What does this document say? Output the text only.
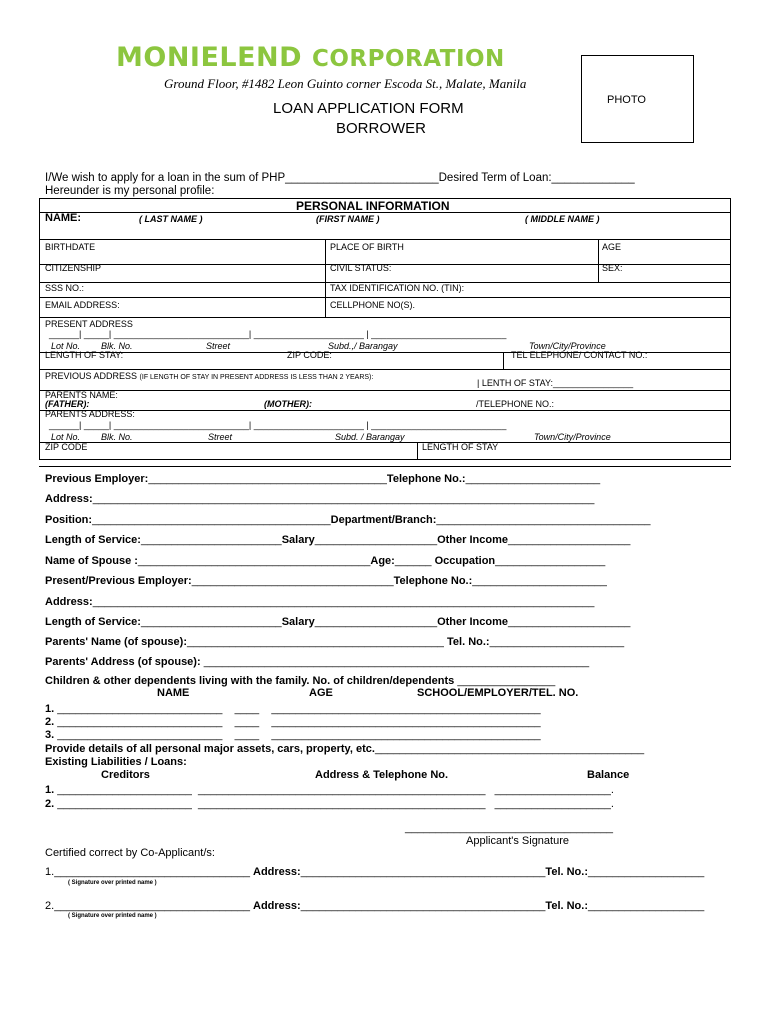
MONIELEND CORPORATION
Ground Floor, #1482 Leon Guinto corner Escoda St., Malate, Manila
PHOTO
LOAN APPLICATION FORM
BORROWER
I/We wish to apply for a loan in the sum of PHP________________________Desired Term of Loan:_____________
Hereunder is my personal profile:
PERSONAL INFORMATION
NAME:	( LAST NAME )	(FIRST NAME )	( MIDDLE NAME )
BIRTHDATE	PLACE OF BIRTH	AGE
CITIZENSHIP	CIVIL STATUS:	SEX:
SSS NO.:	TAX IDENTIFICATION NO. (TIN):
EMAIL ADDRESS:	CELLPHONE NO(S).
PRESENT ADDRESS
______| _____| ___________________________| ______________________ | ___________________________
Lot No. Blk. No.	Street	Subd.,/ Barangay	Town/City/Province
LENGTH OF STAY:	ZIP CODE:	TEL ELEPHONE/ CONTACT NO.:
PREVIOUS ADDRESS (IF LENGTH OF STAY IN PRESENT ADDRESS IS LESS THAN 2 YEARS):
| LENTH OF STAY:________________
PARENTS NAME:
(FATHER):	(MOTHER):	/TELEPHONE NO.:
PARENTS ADDRESS:
______| _____| ___________________________| ______________________ | ___________________________
Lot No. Blk. No.	Street	Subd. / Barangay	Town/City/Province
ZIP CODE	LENGTH OF STAY
Previous Employer:_______________________________________Telephone No.:______________________
Address:__________________________________________________________________________________
Position:_______________________________________Department/Branch:___________________________________
Length of Service:_______________________Salary____________________Other Income____________________
Name of Spouse :______________________________________Age:______ Occupation__________________
Present/Previous Employer:_________________________________Telephone No.:______________________
Address:__________________________________________________________________________________
Length of Service:_______________________Salary____________________Other Income____________________
Parents' Name (of spouse):__________________________________________ Tel. No.:______________________
Parents' Address (of spouse): _______________________________________________________________
Children & other dependents living with the family. No. of children/dependents ________________
NAME	AGE	SCHOOL/EMPLOYER/TEL. NO.
1. ___________________________ ____ ____________________________________________
2. ___________________________ ____ ____________________________________________
3. ___________________________ ____ ____________________________________________
Provide details of all personal major assets, cars, property, etc.____________________________________________
Existing Liabilities / Loans:
Creditors	Address & Telephone No.	Balance
1. ______________________ _______________________________________________ ___________________.
2. ______________________ _______________________________________________ ___________________.
__________________________________
Applicant's Signature
Certified correct by Co-Applicant/s:
1.________________________________ Address:________________________________________Tel. No.:___________________
( Signature over printed name )
2.________________________________ Address:________________________________________Tel. No.:___________________
( Signature over printed name )
